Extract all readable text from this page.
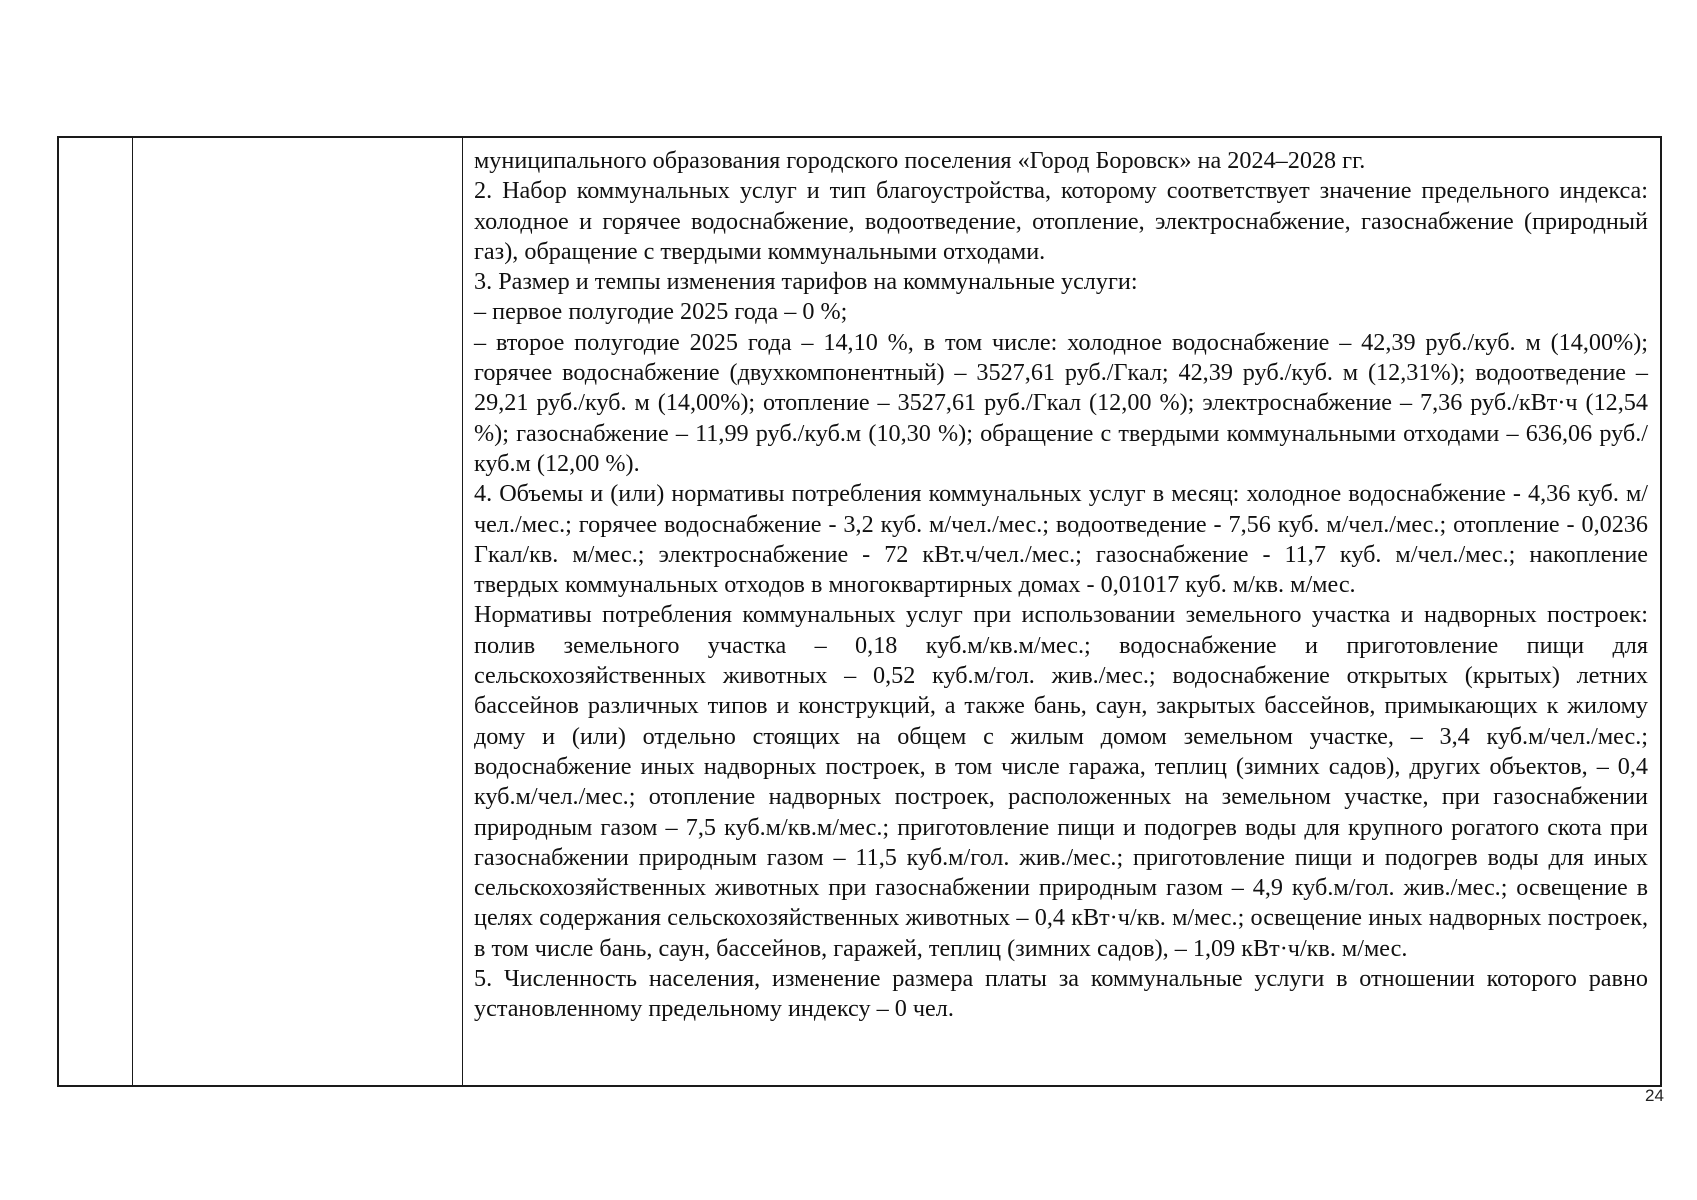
муниципального образования городского поселения «Город Боровск» на 2024–2028 гг.

2. Набор коммунальных услуг и тип благоустройства, которому соответствует значение предельного индекса: холодное и горячее водоснабжение, водоотведение, отопление, электроснабжение, газоснабжение (природный газ), обращение с твердыми коммунальными отходами.

3. Размер и темпы изменения тарифов на коммунальные услуги:

– первое полугодие 2025 года – 0 %;

– второе полугодие 2025 года – 14,10 %, в том числе: холодное водоснабжение – 42,39 руб./куб. м (14,00%); горячее водоснабжение (двухкомпонентный) – 3527,61 руб./Гкал; 42,39 руб./куб. м (12,31%); водоотведение – 29,21 руб./куб. м (14,00%); отопление – 3527,61 руб./Гкал (12,00 %); электроснабжение – 7,36 руб./кВт·ч (12,54 %); газоснабжение – 11,99 руб./куб.м (10,30 %); обращение с твердыми коммунальными отходами – 636,06 руб./куб.м (12,00 %).

4. Объемы и (или) нормативы потребления коммунальных услуг в месяц: холодное водоснабжение - 4,36 куб. м/чел./мес.; горячее водоснабжение - 3,2 куб. м/чел./мес.; водоотведение - 7,56 куб. м/чел./мес.; отопление - 0,0236 Гкал/кв. м/мес.; электроснабжение - 72 кВт.ч/чел./мес.; газоснабжение - 11,7 куб. м/чел./мес.; накопление твердых коммунальных отходов в многоквартирных домах - 0,01017 куб. м/кв. м/мес.

Нормативы потребления коммунальных услуг при использовании земельного участка и надворных построек: полив земельного участка – 0,18 куб.м/кв.м/мес.; водоснабжение и приготовление пищи для сельскохозяйственных животных – 0,52 куб.м/гол. жив./мес.; водоснабжение открытых (крытых) летних бассейнов различных типов и конструкций, а также бань, саун, закрытых бассейнов, примыкающих к жилому дому и (или) отдельно стоящих на общем с жилым домом земельном участке, – 3,4 куб.м/чел./мес.; водоснабжение иных надворных построек, в том числе гаража, теплиц (зимних садов), других объектов, – 0,4 куб.м/чел./мес.; отопление надворных построек, расположенных на земельном участке, при газоснабжении природным газом – 7,5 куб.м/кв.м/мес.; приготовление пищи и подогрев воды для крупного рогатого скота при газоснабжении природным газом – 11,5 куб.м/гол. жив./мес.; приготовление пищи и подогрев воды для иных сельскохозяйственных животных при газоснабжении природным газом – 4,9 куб.м/гол. жив./мес.; освещение в целях содержания сельскохозяйственных животных – 0,4 кВт·ч/кв. м/мес.; освещение иных надворных построек, в том числе бань, саун, бассейнов, гаражей, теплиц (зимних садов), – 1,09 кВт·ч/кв. м/мес.

5. Численность населения, изменение размера платы за коммунальные услуги в отношении которого равно установленному предельному индексу – 0 чел.

24
